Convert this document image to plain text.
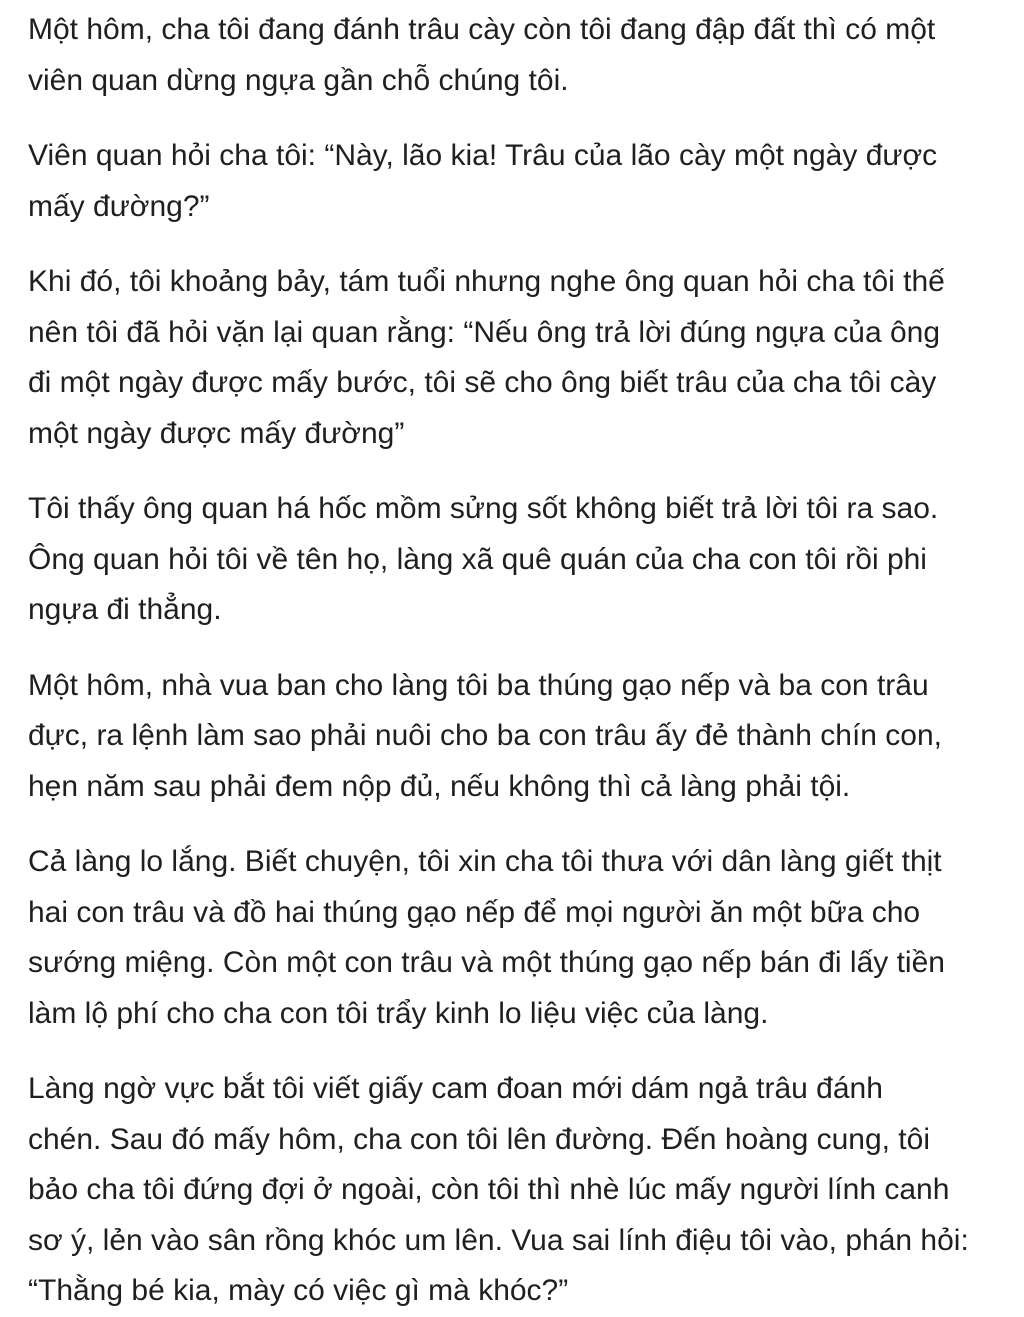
Một hôm, cha tôi đang đánh trâu cày còn tôi đang đập đất thì có một
viên quan dừng ngựa gần chỗ chúng tôi.

Viên quan hỏi cha tôi: “Này, lão kia! Trâu của lão cày một ngày được
mấy đường?”

Khi đó, tôi khoảng bảy, tám tuổi nhưng nghe ông quan hỏi cha tôi thế
nên tôi đã hỏi vặn lại quan rằng: “Nếu ông trả lời đúng ngựa của ông
đi một ngày được mấy bước, tôi sẽ cho ông biết trâu của cha tôi cày
một ngày được mấy đường”

Tôi thấy ông quan há hốc mồm sửng sốt không biết trả lời tôi ra sao.
Ông quan hỏi tôi về tên họ, làng xã quê quán của cha con tôi rồi phi
ngựa đi thẳng.

Một hôm, nhà vua ban cho làng tôi ba thúng gạo nếp và ba con trâu
đực, ra lệnh làm sao phải nuôi cho ba con trâu ấy đẻ thành chín con,
hẹn năm sau phải đem nộp đủ, nếu không thì cả làng phải tội.

Cả làng lo lắng. Biết chuyện, tôi xin cha tôi thưa với dân làng giết thịt
hai con trâu và đồ hai thúng gạo nếp để mọi người ăn một bữa cho
sướng miệng. Còn một con trâu và một thúng gạo nếp bán đi lấy tiền
làm lộ phí cho cha con tôi trẩy kinh lo liệu việc của làng.

Làng ngờ vực bắt tôi viết giấy cam đoan mới dám ngả trâu đánh
chén. Sau đó mấy hôm, cha con tôi lên đường. Đến hoàng cung, tôi
bảo cha tôi đứng đợi ở ngoài, còn tôi thì nhè lúc mấy người lính canh
sơ ý, lẻn vào sân rồng khóc um lên. Vua sai lính điệu tôi vào, phán hỏi:
“Thằng bé kia, mày có việc gì mà khóc?”
